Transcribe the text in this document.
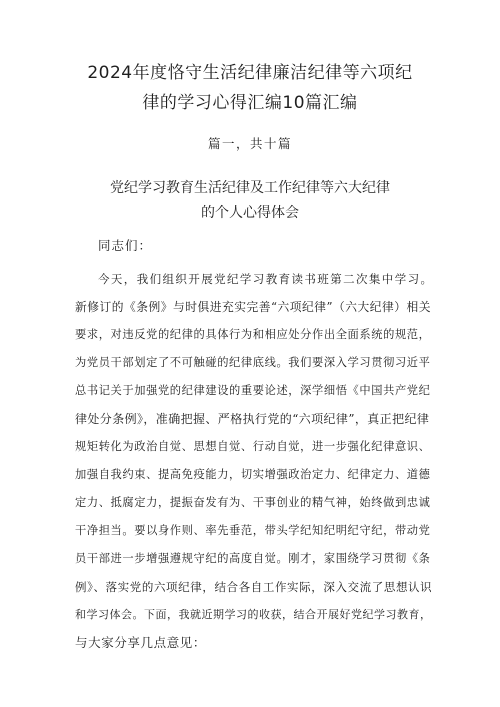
2024年度恪守生活纪律廉洁纪律等六项纪
律的学习心得汇编10篇汇编
篇一，共十篇
党纪学习教育生活纪律及工作纪律等六大纪律
的个人心得体会
同志们：
今天，我们组织开展党纪学习教育读书班第二次集中学习。
新修订的《条例》与时俱进充实完善“六项纪律”（六大纪律）相关
要求，对违反党的纪律的具体行为和相应处分作出全面系统的规范，
为党员干部划定了不可触碰的纪律底线。我们要深入学习贯彻习近平
总书记关于加强党的纪律建设的重要论述，深学细悟《中国共产党纪
律处分条例》，准确把握、严格执行党的“六项纪律”，真正把纪律
规矩转化为政治自觉、思想自觉、行动自觉，进一步强化纪律意识、
加强自我约束、提高免疫能力，切实增强政治定力、纪律定力、道德
定力、抵腐定力，提振奋发有为、干事创业的精气神，始终做到忠诚
干净担当。要以身作则、率先垂范，带头学纪知纪明纪守纪，带动党
员干部进一步增强遵规守纪的高度自觉。刚才，家围绕学习贯彻《条
例》、落实党的六项纪律，结合各自工作实际，深入交流了思想认识
和学习体会。下面，我就近期学习的收获，结合开展好党纪学习教育，
与大家分享几点意见：
